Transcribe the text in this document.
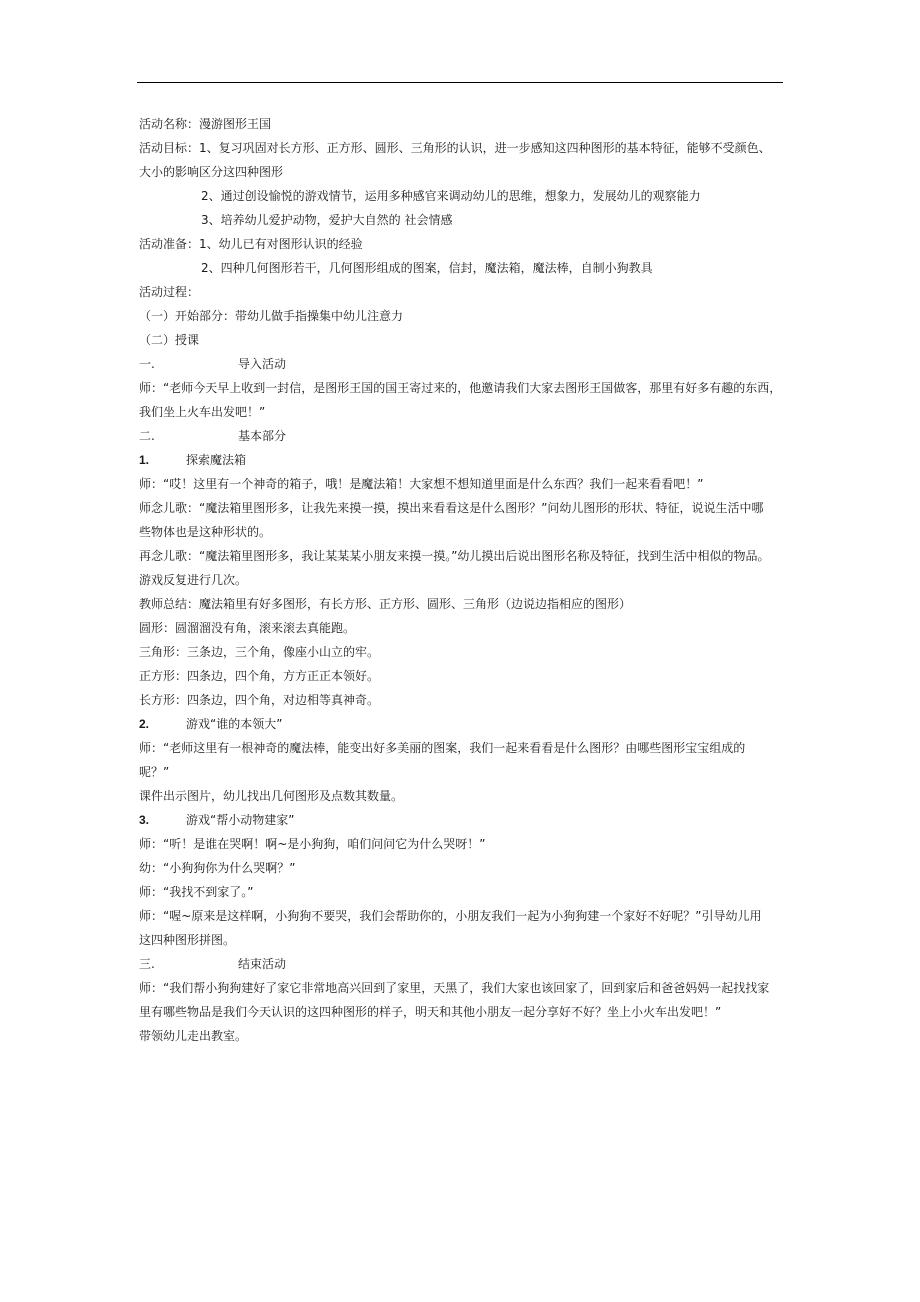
活动名称：漫游图形王国
活动目标：1、复习巩固对长方形、正方形、圆形、三角形的认识，进一步感知这四种图形的基本特征，能够不受颜色、
大小的影响区分这四种图形
2、通过创设愉悦的游戏情节，运用多种感官来调动幼儿的思维，想象力，发展幼儿的观察能力
3、培养幼儿爱护动物，爱护大自然的 社会情感
活动准备：1、幼儿已有对图形认识的经验
2、四种几何图形若干，几何图形组成的图案，信封，魔法箱，魔法棒，自制小狗教具
活动过程：
（一）开始部分：带幼儿做手指操集中幼儿注意力
（二）授课
一.	导入活动
师：“老师今天早上收到一封信，是图形王国的国王寄过来的，他邀请我们大家去图形王国做客，那里有好多有趣的东西，
我们坐上火车出发吧！”
二.	基本部分
1.	探索魔法箱
师：“哎！这里有一个神奇的箱子，哦！是魔法箱！大家想不想知道里面是什么东西？我们一起来看看吧！”
师念儿歌：“魔法箱里图形多，让我先来摸一摸，摸出来看看这是什么图形？”问幼儿图形的形状、特征，说说生活中哪
些物体也是这种形状的。
再念儿歌：“魔法箱里图形多，我让某某某小朋友来摸一摸。”幼儿摸出后说出图形名称及特征，找到生活中相似的物品。
游戏反复进行几次。
教师总结：魔法箱里有好多图形，有长方形、正方形、圆形、三角形（边说边指相应的图形）
圆形：圆溜溜没有角，滚来滚去真能跑。
三角形：三条边，三个角，像座小山立的牢。
正方形：四条边，四个角，方方正正本领好。
长方形：四条边，四个角，对边相等真神奇。
2.	游戏“谁的本领大”
师：“老师这里有一根神奇的魔法棒，能变出好多美丽的图案，我们一起来看看是什么图形？由哪些图形宝宝组成的
呢？”
课件出示图片，幼儿找出几何图形及点数其数量。
3.	游戏“帮小动物建家”
师：“听！是谁在哭啊！啊~是小狗狗，咱们问问它为什么哭呀！”
幼：“小狗狗你为什么哭啊？”
师：“我找不到家了。”
师：“喔~原来是这样啊，小狗狗不要哭，我们会帮助你的，小朋友我们一起为小狗狗建一个家好不好呢？”引导幼儿用
这四种图形拼图。
三.	结束活动
师：“我们帮小狗狗建好了家它非常地高兴回到了家里，天黑了，我们大家也该回家了，回到家后和爸爸妈妈一起找找家
里有哪些物品是我们今天认识的这四种图形的样子，明天和其他小朋友一起分享好不好？坐上小火车出发吧！”
带领幼儿走出教室。
